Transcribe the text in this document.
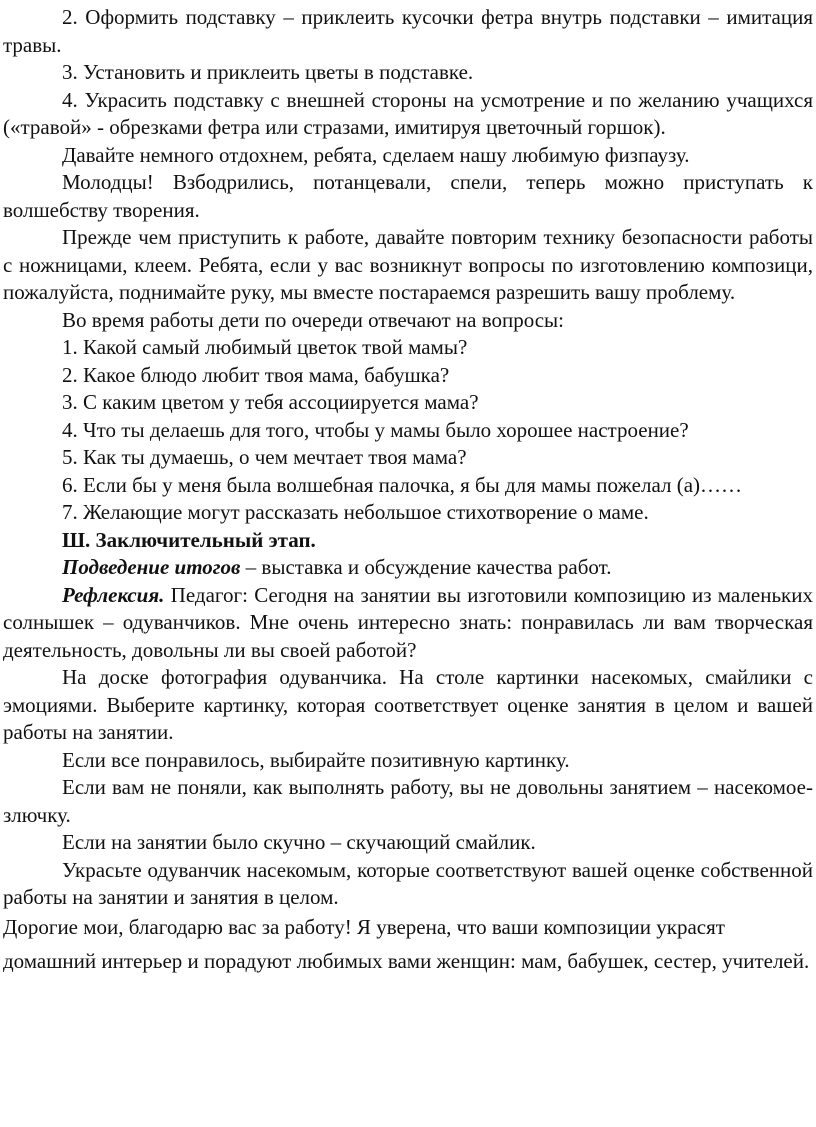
2. Оформить подставку – приклеить кусочки фетра внутрь подставки – имитация травы.

3. Установить и приклеить цветы в подставке.

4. Украсить подставку с внешней стороны на усмотрение и по желанию учащихся («травой» - обрезками фетра или стразами, имитируя цветочный горшок).

Давайте немного отдохнем, ребята, сделаем нашу любимую физпаузу.

Молодцы! Взбодрились, потанцевали, спели, теперь можно приступать к волшебству творения.

Прежде чем приступить к работе, давайте повторим технику безопасности работы с ножницами, клеем. Ребята, если у вас возникнут вопросы по изготовлению композици, пожалуйста, поднимайте руку, мы вместе постараемся разрешить вашу проблему.

Во время работы дети по очереди отвечают на вопросы:

1. Какой самый любимый цветок твой мамы?

2. Какое блюдо любит твоя мама, бабушка?

3. С каким цветом у тебя ассоциируется мама?

4. Что ты делаешь для того, чтобы у мамы было хорошее настроение?

5. Как ты думаешь, о чем мечтает твоя мама?

6. Если бы у меня была волшебная палочка, я бы для мамы пожелал (а)……

7. Желающие могут рассказать небольшое стихотворение о маме.

Ш. Заключительный этап.

Подведение итогов – выставка и обсуждение качества работ.

Рефлексия. Педагог: Сегодня на занятии вы изготовили композицию из маленьких солнышек – одуванчиков. Мне очень интересно знать: понравилась ли вам творческая деятельность, довольны ли вы своей работой?

На доске фотография одуванчика. На столе картинки насекомых, смайлики с эмоциями. Выберите картинку, которая соответствует оценке занятия в целом и вашей работы на занятии.

Если все понравилось, выбирайте позитивную картинку.

Если вам не поняли, как выполнять работу, вы не довольны занятием – насекомое-злючку.

Если на занятии было скучно – скучающий смайлик.

Украсьте одуванчик насекомым, которые соответствуют вашей оценке собственной работы на занятии и занятия в целом.

Дорогие мои, благодарю вас за работу! Я уверена, что ваши композиции украсят домашний интерьер и порадуют любимых вами женщин: мам, бабушек, сестер, учителей.
